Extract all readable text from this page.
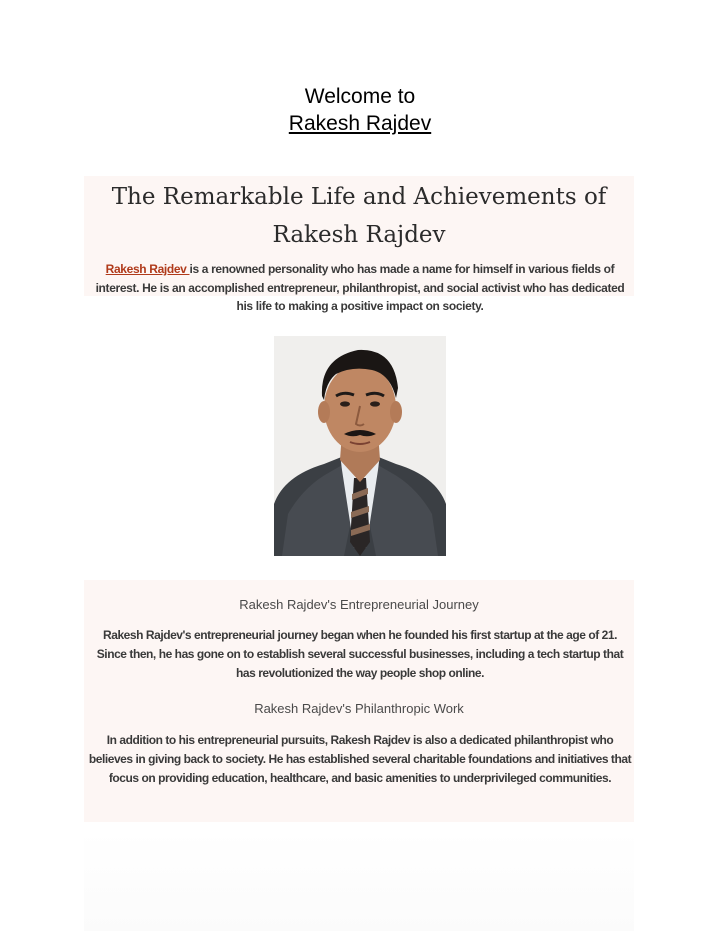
Welcome to

Rakesh Rajdev
The Remarkable Life and Achievements of Rakesh Rajdev

Rakesh Rajdev is a renowned personality who has made a name for himself in various fields of interest. He is an accomplished entrepreneur, philanthropist, and social activist who has dedicated his life to making a positive impact on society.

Rakesh Rajdev's Entrepreneurial Journey

Rakesh Rajdev's entrepreneurial journey began when he founded his first startup at the age of 21. Since then, he has gone on to establish several successful businesses, including a tech startup that has revolutionized the way people shop online.

Rakesh Rajdev's Philanthropic Work

In addition to his entrepreneurial pursuits, Rakesh Rajdev is also a dedicated philanthropist who believes in giving back to society. He has established several charitable foundations and initiatives that focus on providing education, healthcare, and basic amenities to underprivileged communities.
